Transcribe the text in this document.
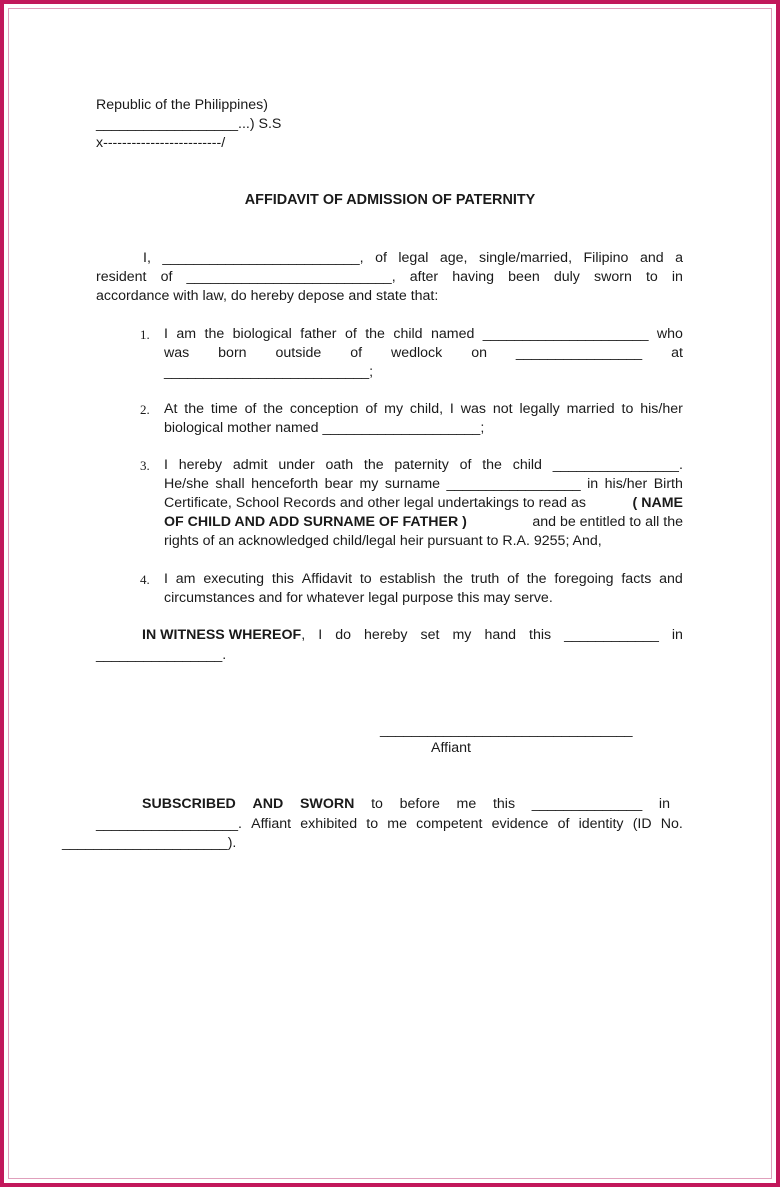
Republic of the Philippines)
__________________...) S.S
x-------------------------/
AFFIDAVIT OF ADMISSION OF PATERNITY
I, _________________________, of legal age, single/married, Filipino and a
resident of __________________________, after having been duly sworn to in
accordance with law, do hereby depose and state that:
1. I am the biological father of the child named _____________________ who
was born outside of wedlock on ________________ at
__________________________;
2. At the time of the conception of my child, I was not legally married to his/her
biological mother named ____________________;
3. I hereby admit under oath the paternity of the child ________________.
He/she shall henceforth bear my surname _________________ in his/her Birth
Certificate, School Records and other legal undertakings to read as	( NAME
OF CHILD AND ADD SURNAME OF FATHER )	and be entitled to all the
rights of an acknowledged child/legal heir pursuant to R.A. 9255; And,
4. I am executing this Affidavit to establish the truth of the foregoing facts and
circumstances and for whatever legal purpose this may serve.
IN WITNESS WHEREOF, I do hereby set my hand this ____________ in
________________.
________________________________
Affiant
SUBSCRIBED AND SWORN to before me this ______________ in
__________________. Affiant exhibited to me competent evidence of identity (ID No.
_____________________).
